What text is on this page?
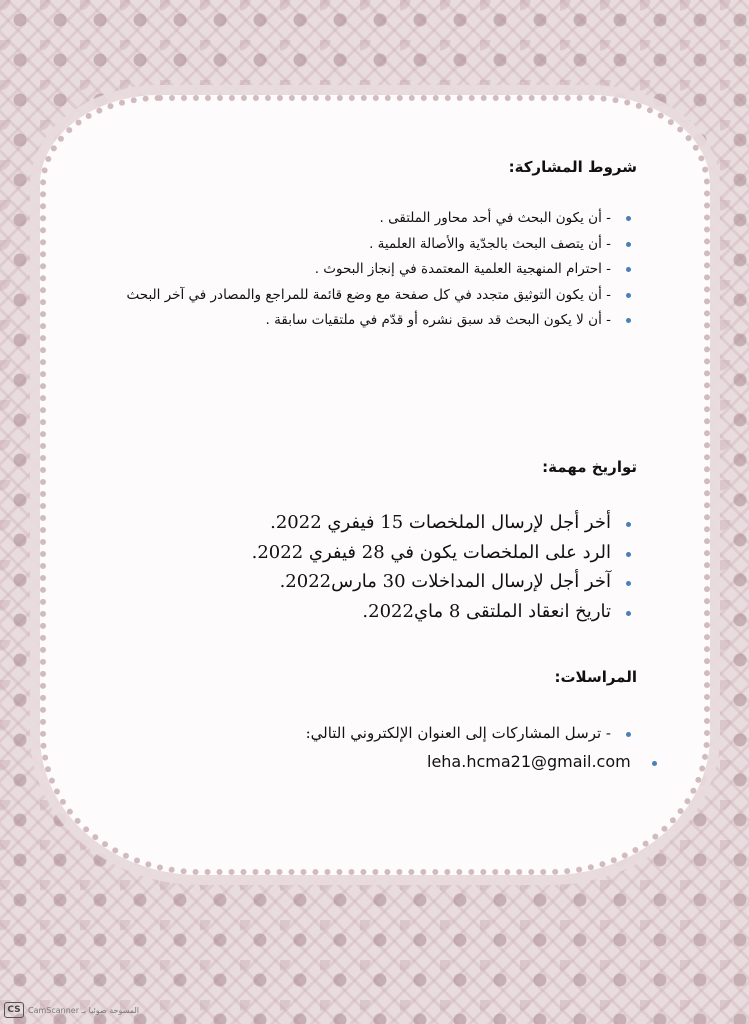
شروط المشاركة:
- أن يكون البحث في أحد محاور الملتقى .
- أن يتصف البحث بالجدّية والأصالة العلمية .
- احترام المنهجية العلمية المعتمدة في إنجاز البحوث .
- أن يكون التوثيق متجدد في كل صفحة مع وضع قائمة للمراجع والمصادر في آخر البحث
- أن لا يكون البحث قد سبق نشره أو قدّم في ملتقيات سابقة .
تواريخ مهمة:
أخر أجل لإرسال الملخصات 15 فيفري 2022.
الرد على الملخصات يكون في 28 فيفري 2022.
آخر أجل لإرسال المداخلات 30 مارس2022.
تاريخ انعقاد الملتقى 8 ماي2022.
المراسلات:
- ترسل المشاركات إلى العنوان الإلكتروني التالي:
leha.hcma21@gmail.com
CS CamScanner المسوحة ضوئيا بـ
